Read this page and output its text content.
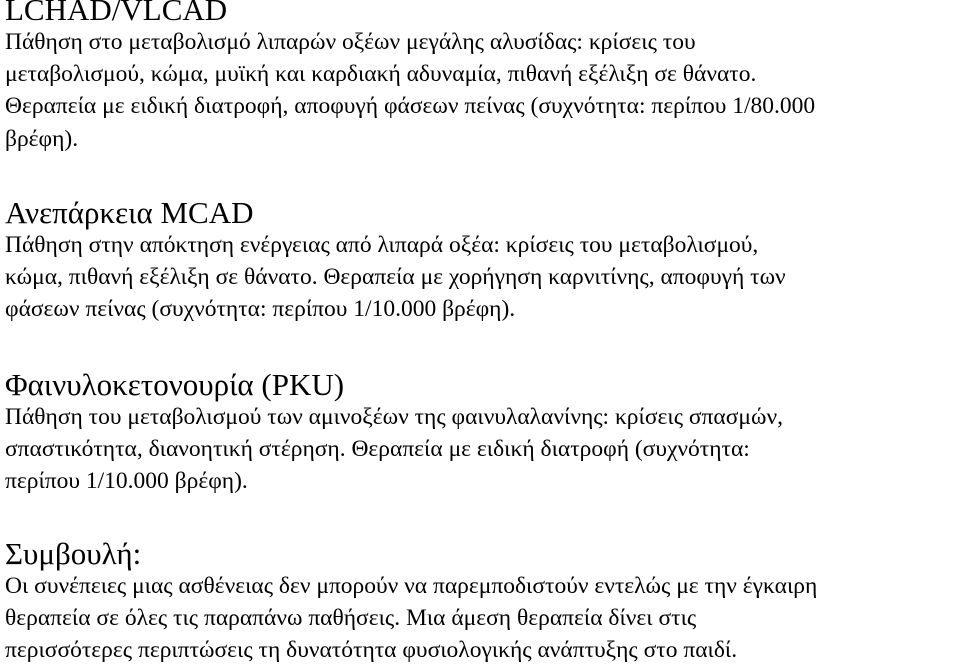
LCHAD/VLCAD

Πάθηση στο μεταβολισμό λιπαρών οξέων μεγάλης αλυσίδας: κρίσεις του

μεταβολισμού, κώμα, μυϊκή και καρδιακή αδυναμία, πιθανή εξέλιξη σε θάνατο.

Θεραπεία με ειδική διατροφή, αποφυγή φάσεων πείνας (συχνότητα: περίπου 1/80.000

βρέφη).

Ανεπάρκεια MCAD

Πάθηση στην απόκτηση ενέργειας από λιπαρά οξέα: κρίσεις του μεταβολισμού,

κώμα, πιθανή εξέλιξη σε θάνατο. Θεραπεία με χορήγηση καρνιτίνης, αποφυγή των

φάσεων πείνας (συχνότητα: περίπου 1/10.000 βρέφη).

Φαινυλοκετονουρία (PKU)

Πάθηση του μεταβολισμού των αμινοξέων της φαινυλαλανίνης: κρίσεις σπασμών,

σπαστικότητα, διανοητική στέρηση. Θεραπεία με ειδική διατροφή (συχνότητα:

περίπου 1/10.000 βρέφη).

Συμβουλή:

Οι συνέπειες μιας ασθένειας δεν μπορούν να παρεμποδιστούν εντελώς με την έγκαιρη

θεραπεία σε όλες τις παραπάνω παθήσεις. Μια άμεση θεραπεία δίνει στις

περισσότερες περιπτώσεις τη δυνατότητα φυσιολογικής ανάπτυξης στο παιδί.
